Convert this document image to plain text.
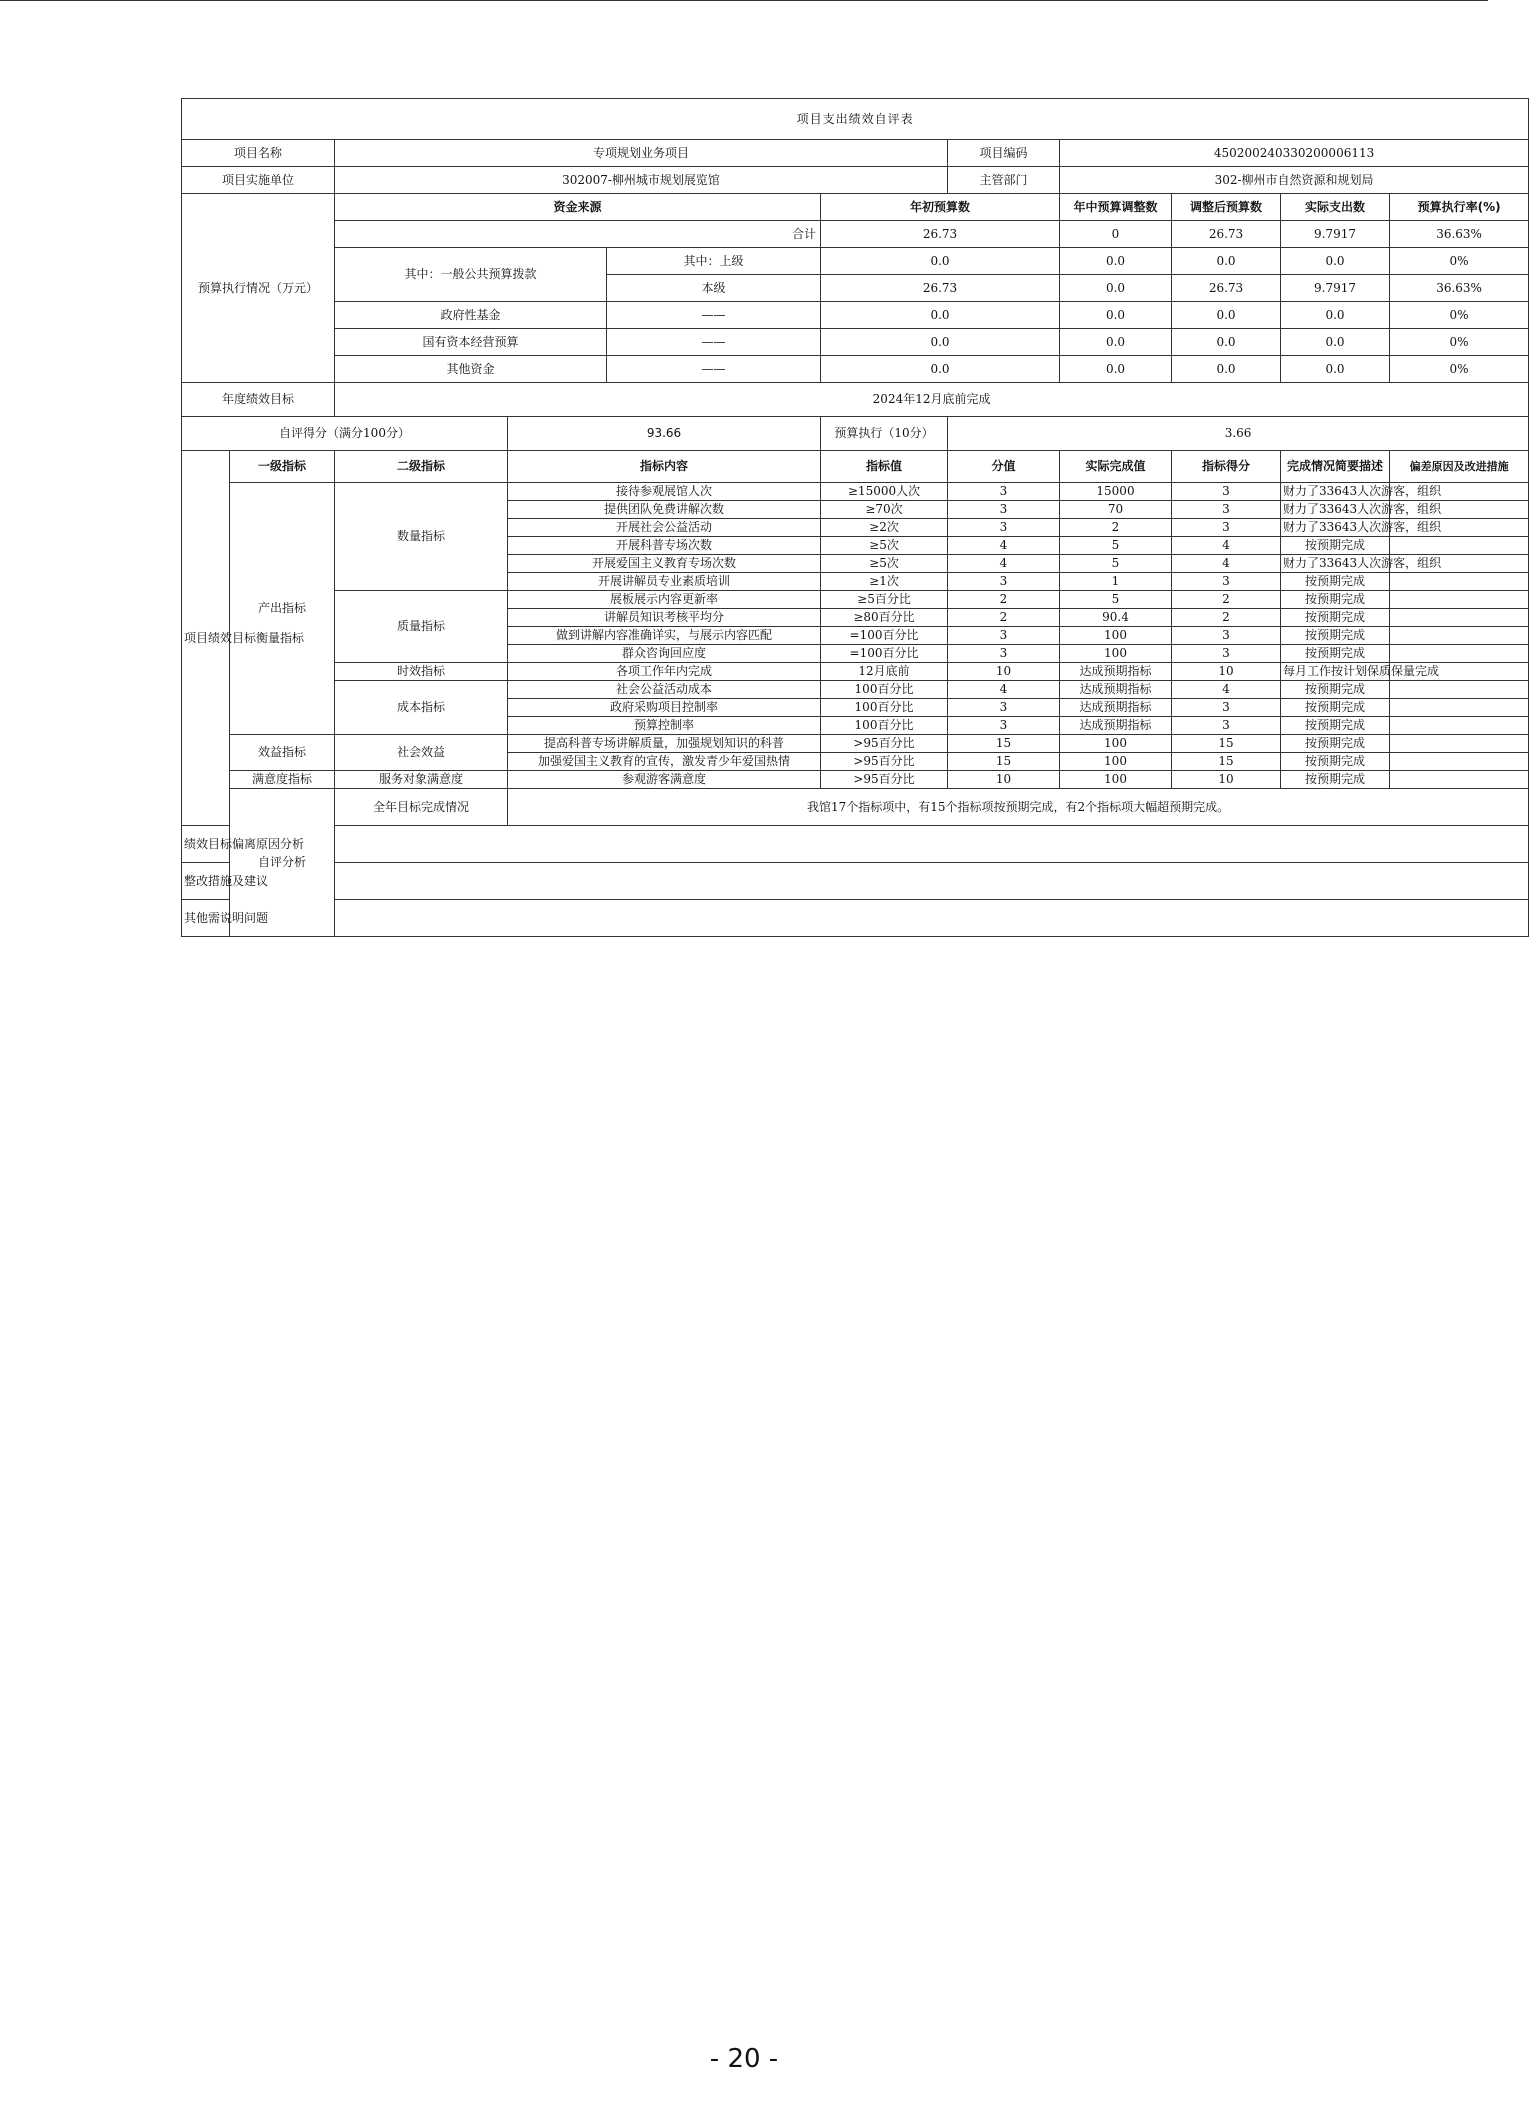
项目支出绩效自评表										
项目名称		专项规划业务项目				项目编码	450200240330200006113			
项目实施单位		302007-柳州城市规划展览馆				主管部门	302-柳州市自然资源和规划局			
预算执行情况（万元）		资金来源			年初预算数		年中预算调整数	调整后预算数	实际支出数	预算执行率(%)
		合计			26.73		0	26.73	9.7917	36.63%
		其中：一般公共预算拨款		其中：上级	0.0		0.0	0.0	0.0	0%
				本级	26.73		0.0	26.73	9.7917	36.63%
		政府性基金		——	0.0		0.0	0.0	0.0	0%
		国有资本经营预算		——	0.0		0.0	0.0	0.0	0%
		其他资金		——	0.0		0.0	0.0	0.0	0%
年度绩效目标		2024年12月底前完成								
自评得分（满分100分）			93.66		预算执行（10分）	3.66				
项目绩效目标衡量指标	一级指标	二级指标	指标内容		指标值	分值	实际完成值	指标得分	完成情况简要描述	偏差原因及改进措施
	产出指标	数量指标	接待参观展馆人次		≥15000人次	3	15000	3	财力了33643人次游客，组织	
			提供团队免费讲解次数		≥70次	3	70	3	财力了33643人次游客，组织	
			开展社会公益活动		≥2次	3	2	3	财力了33643人次游客，组织	
			开展科普专场次数		≥5次	4	5	4	按预期完成	
			开展爱国主义教育专场次数		≥5次	4	5	4	财力了33643人次游客，组织	
			开展讲解员专业素质培训		≥1次	3	1	3	按预期完成	
		质量指标	展板展示内容更新率		≥5百分比	2	5	2	按预期完成	
			讲解员知识考核平均分		≥80百分比	2	90.4	2	按预期完成	
			做到讲解内容准确详实，与展示内容匹配		=100百分比	3	100	3	按预期完成	
			群众咨询回应度		=100百分比	3	100	3	按预期完成	
		时效指标	各项工作年内完成		12月底前	10	达成预期指标	10	每月工作按计划保质保量完成	
		成本指标	社会公益活动成本		100百分比	4	达成预期指标	4	按预期完成	
			政府采购项目控制率		100百分比	3	达成预期指标	3	按预期完成	
			预算控制率		100百分比	3	达成预期指标	3	按预期完成	
	效益指标	社会效益	提高科普专场讲解质量，加强规划知识的科普		>95百分比	15	100	15	按预期完成	
			加强爱国主义教育的宣传，激发青少年爱国热情		>95百分比	15	100	15	按预期完成	
	满意度指标	服务对象满意度	参观游客满意度		>95百分比	10	100	10	按预期完成	
	自评分析	全年目标完成情况	我馆17个指标项中，有15个指标项按预期完成，有2个指标项大幅超预期完成。							
绩效目标偏离原因分析										
整改措施及建议										
其他需说明问题										
- 20 -
